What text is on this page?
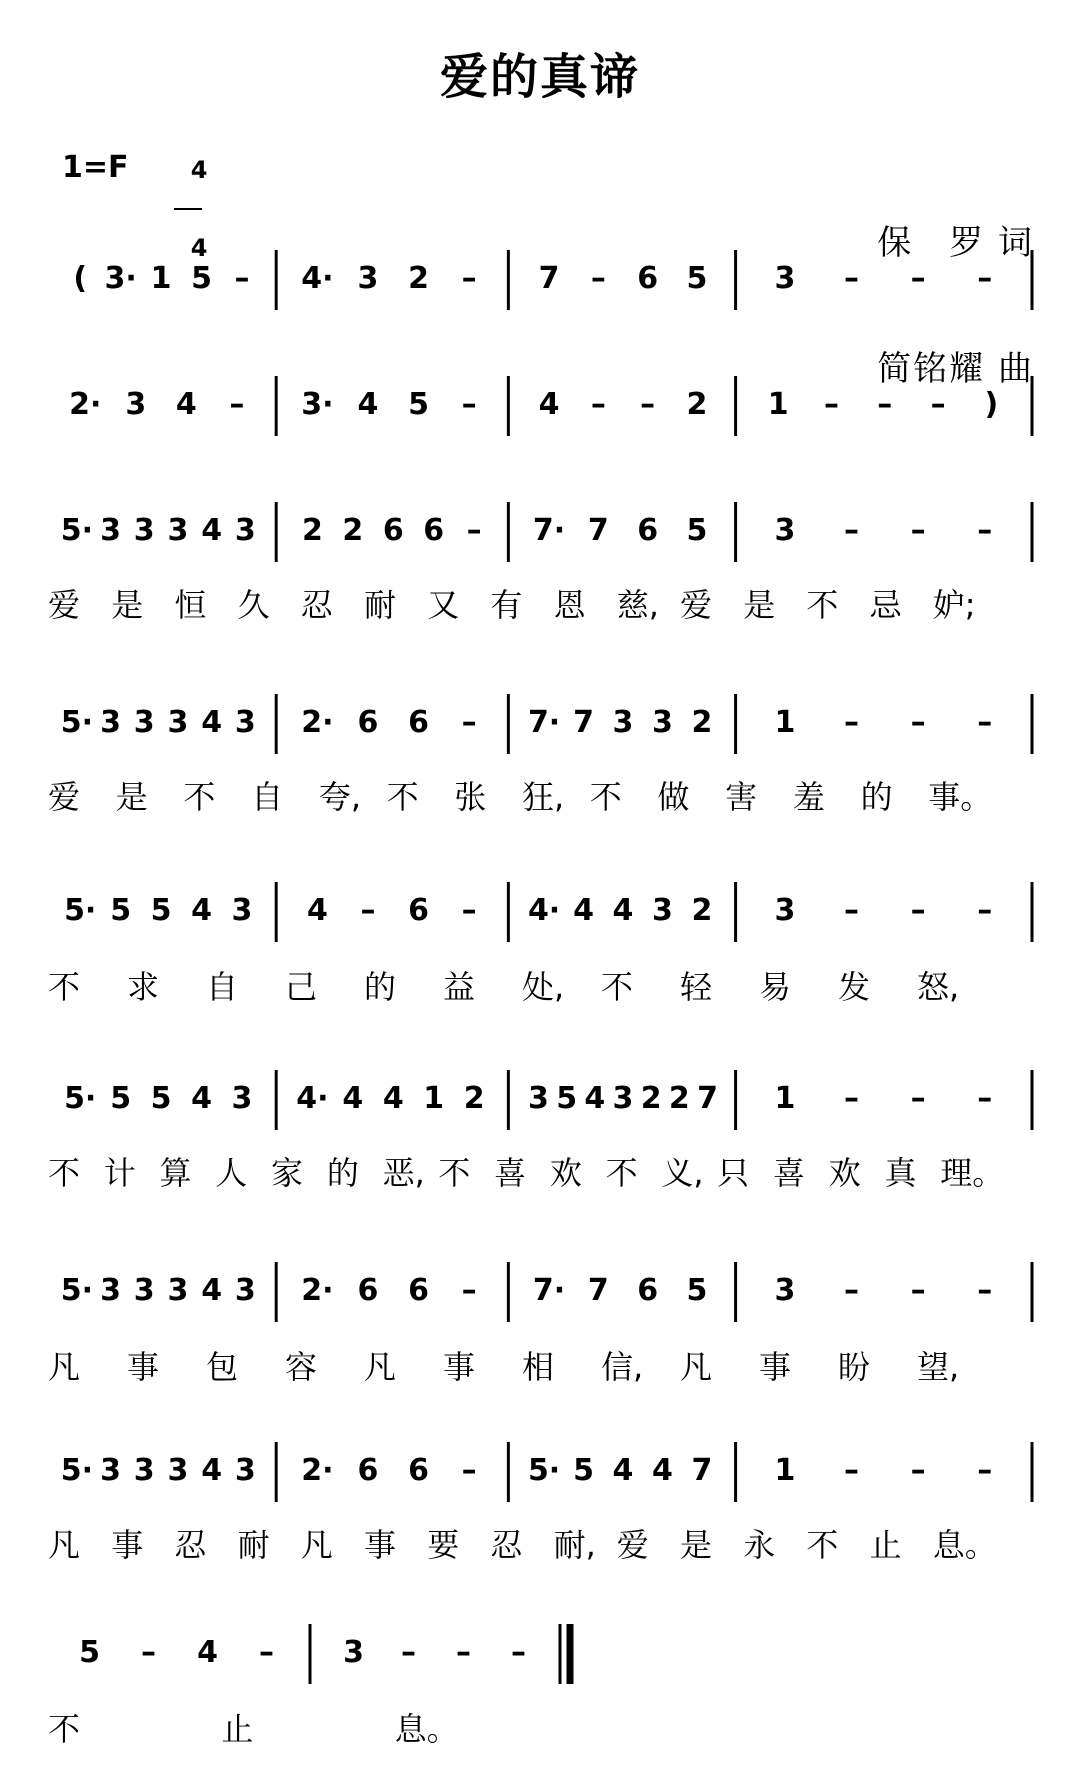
爱的真谛
1=F	4

4

	保　罗 词

简铭耀 曲

( 3· 1 5 – 4· 3 2 – 7 – 6 5 3 – – –
2· 3 4 – 3· 4 5 – 4 – – 2 1 – – – )
5· 3 3 3 4 3 2 2 6 6 – 7· 7 6 5 3 – – –
爱 是 恒 久 忍 耐 又 有 恩 慈, 爱 是 不 忌 妒;
5· 3 3 3 4 3 2· 6 6 – 7· 7 3 3 2 1 – – –
爱 是 不 自 夸, 不 张 狂, 不 做 害 羞 的 事。
5· 5 5 4 3 4 – 6 – 4· 4 4 3 2 3 – – –
不 求 自 己 的 益 处, 不 轻 易 发 怒,
5· 5 5 4 3 4· 4 4 1 2 3 5 4 3 2 2 7 1 – – –
不 计 算 人 家 的 恶, 不 喜 欢 不 义, 只 喜 欢 真 理。
5· 3 3 3 4 3 2· 6 6 – 7· 7 6 5 3 – – –
凡 事 包 容 凡 事 相 信, 凡 事 盼 望,
5· 3 3 3 4 3 2· 6 6 – 5· 5 4 4 7 1 – – –
凡 事 忍 耐 凡 事 要 忍 耐, 爱 是 永 不 止 息。
5 – 4 – 3 – – –
不	止	息。
